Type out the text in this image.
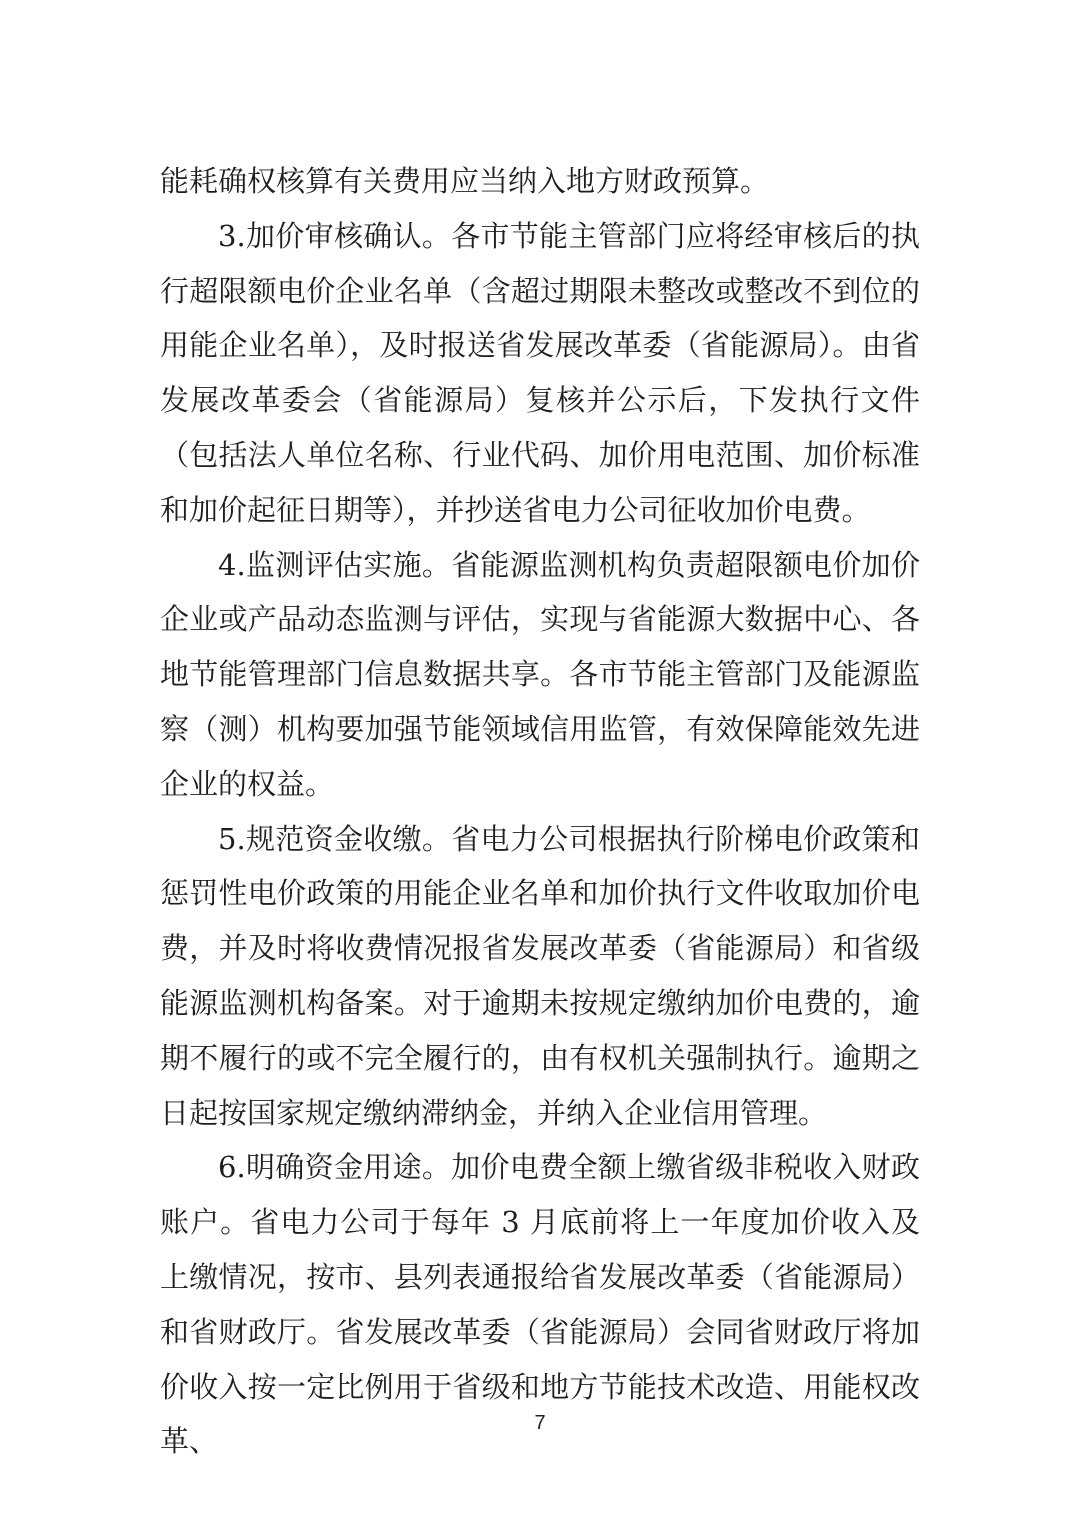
能耗确权核算有关费用应当纳入地方财政预算。

3.加价审核确认。各市节能主管部门应将经审核后的执行超限额电价企业名单（含超过期限未整改或整改不到位的用能企业名单），及时报送省发展改革委（省能源局）。由省发展改革委会（省能源局）复核并公示后，下发执行文件（包括法人单位名称、行业代码、加价用电范围、加价标准和加价起征日期等），并抄送省电力公司征收加价电费。

4.监测评估实施。省能源监测机构负责超限额电价加价企业或产品动态监测与评估，实现与省能源大数据中心、各地节能管理部门信息数据共享。各市节能主管部门及能源监察（测）机构要加强节能领域信用监管，有效保障能效先进企业的权益。

5.规范资金收缴。省电力公司根据执行阶梯电价政策和惩罚性电价政策的用能企业名单和加价执行文件收取加价电费，并及时将收费情况报省发展改革委（省能源局）和省级能源监测机构备案。对于逾期未按规定缴纳加价电费的，逾期不履行的或不完全履行的，由有权机关强制执行。逾期之日起按国家规定缴纳滞纳金，并纳入企业信用管理。

6.明确资金用途。加价电费全额上缴省级非税收入财政账户。省电力公司于每年 3 月底前将上一年度加价收入及上缴情况，按市、县列表通报给省发展改革委（省能源局）和省财政厅。省发展改革委（省能源局）会同省财政厅将加价收入按一定比例用于省级和地方节能技术改造、用能权改革、

7
